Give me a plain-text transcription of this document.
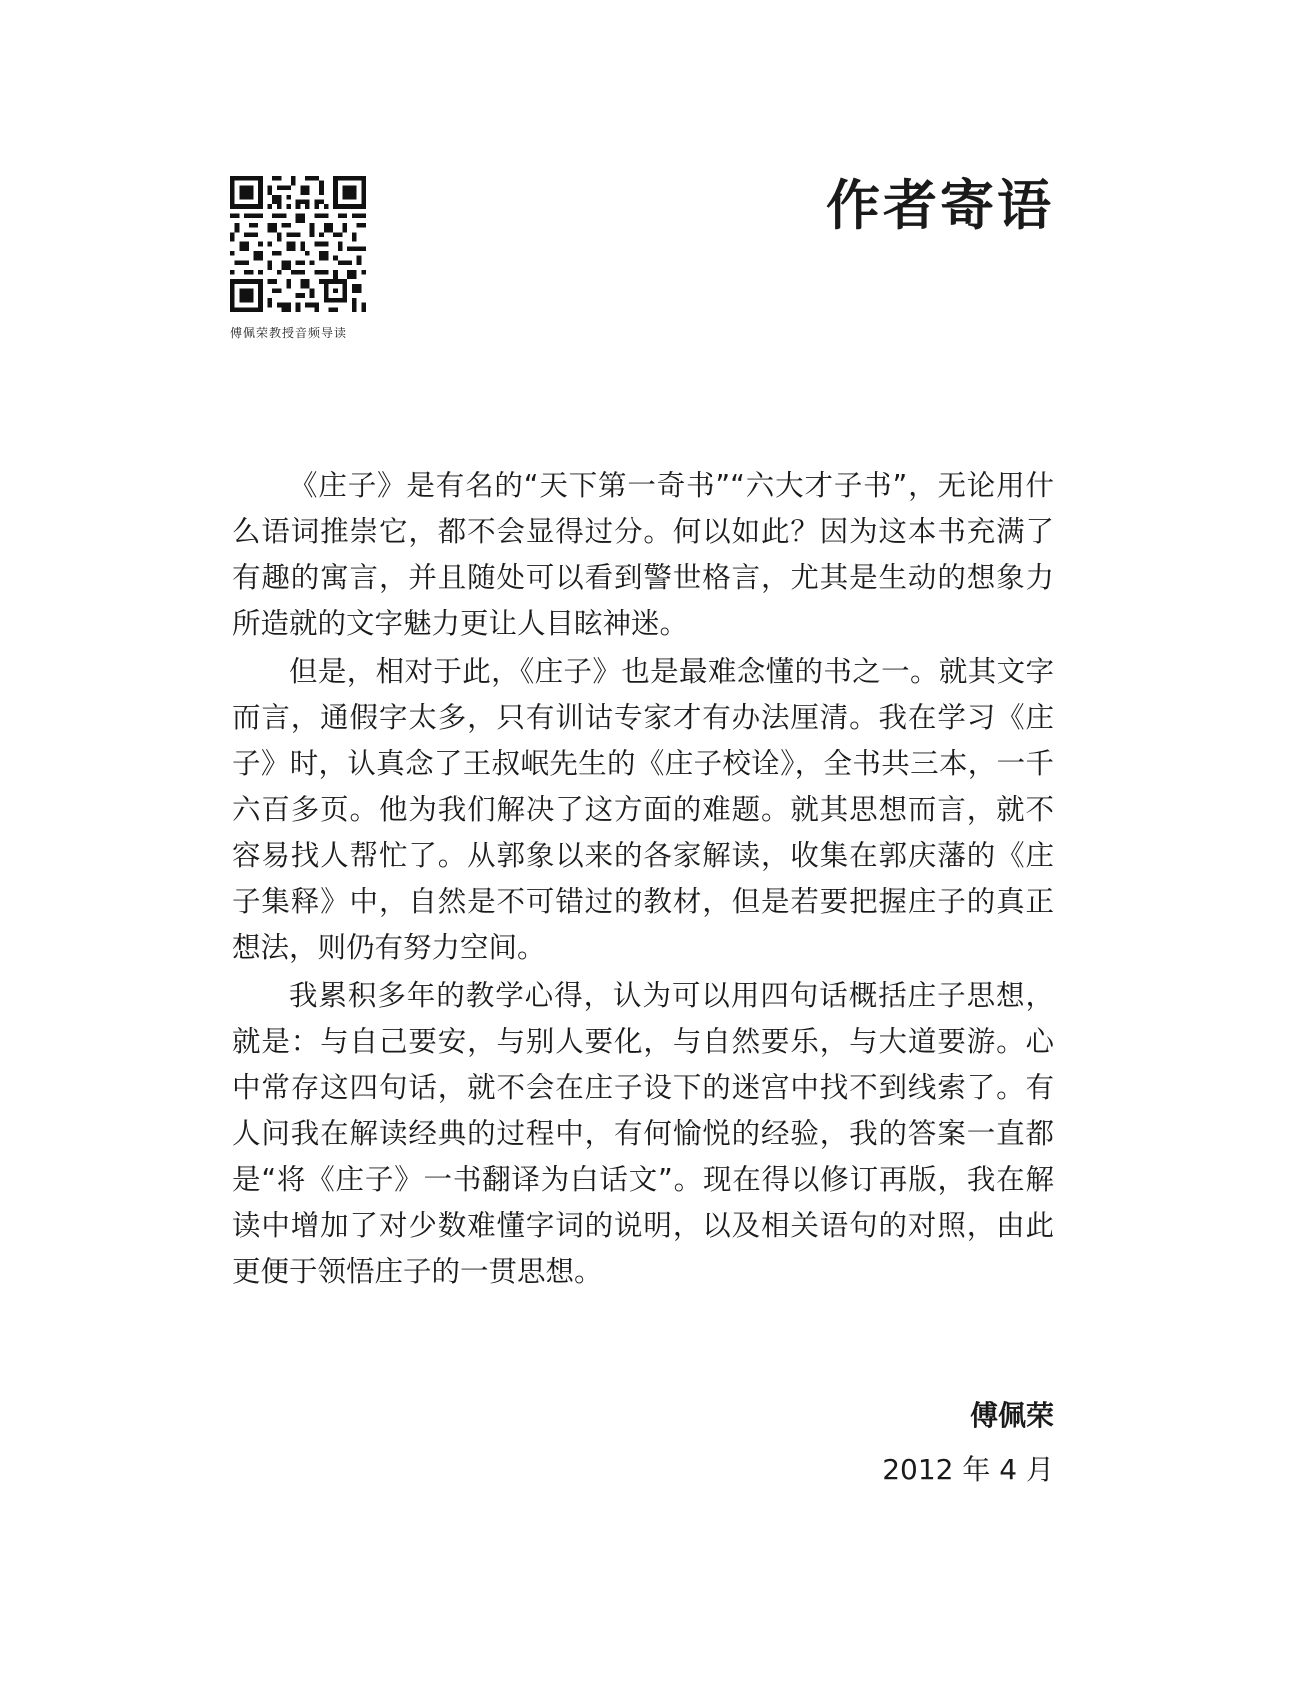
傅佩荣教授音频导读
作者寄语

《庄子》是有名的“天下第一奇书”“六大才子书”，无论用什么语词推崇它，都不会显得过分。何以如此？因为这本书充满了有趣的寓言，并且随处可以看到警世格言，尤其是生动的想象力所造就的文字魅力更让人目眩神迷。

但是，相对于此，《庄子》也是最难念懂的书之一。就其文字而言，通假字太多，只有训诂专家才有办法厘清。我在学习《庄子》时，认真念了王叔岷先生的《庄子校诠》，全书共三本，一千六百多页。他为我们解决了这方面的难题。就其思想而言，就不容易找人帮忙了。从郭象以来的各家解读，收集在郭庆藩的《庄子集释》中，自然是不可错过的教材，但是若要把握庄子的真正想法，则仍有努力空间。

我累积多年的教学心得，认为可以用四句话概括庄子思想，就是：与自己要安，与别人要化，与自然要乐，与大道要游。心中常存这四句话，就不会在庄子设下的迷宫中找不到线索了。有人问我在解读经典的过程中，有何愉悦的经验，我的答案一直都是“将《庄子》一书翻译为白话文”。现在得以修订再版，我在解读中增加了对少数难懂字词的说明，以及相关语句的对照，由此更便于领悟庄子的一贯思想。

傅佩荣
2012 年 4 月
